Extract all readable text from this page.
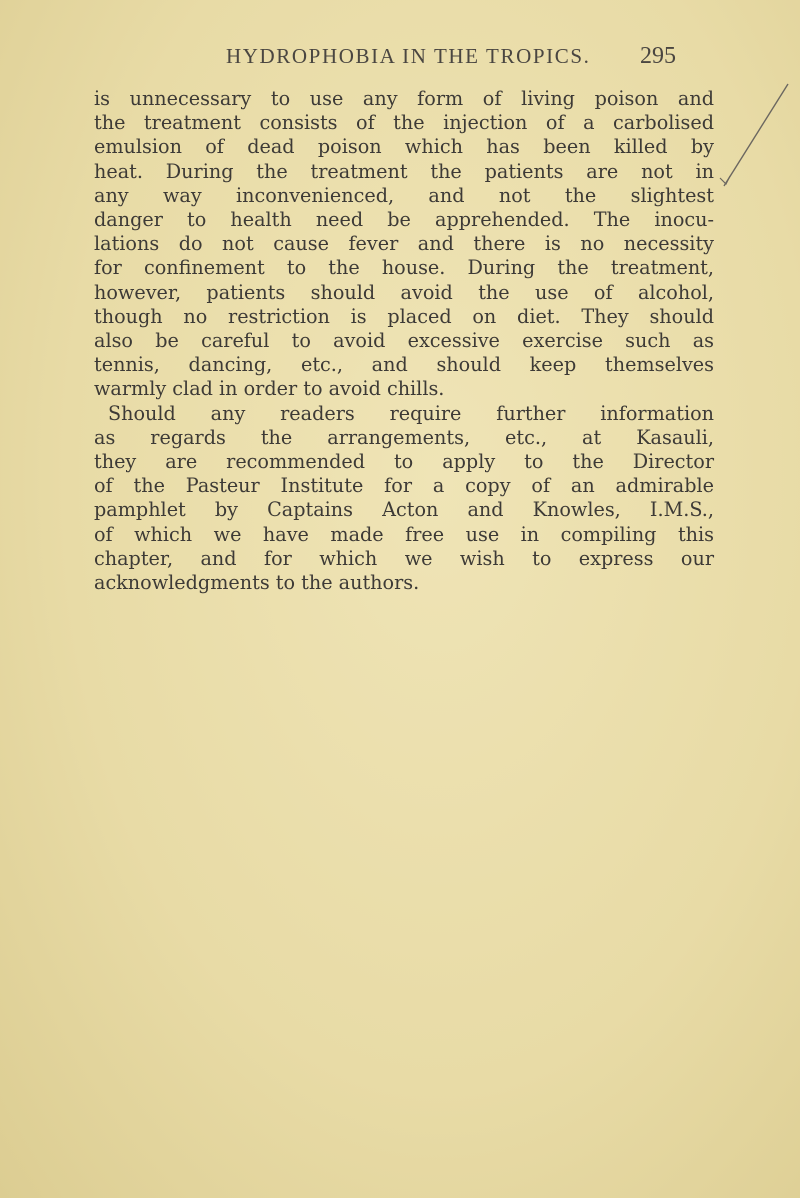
HYDROPHOBIA IN THE TROPICS. 295
is unnecessary to use any form of living poison and
the treatment consists of the injection of a carbolised
emulsion of dead poison which has been killed by
heat. During the treatment the patients are not in
any way inconvenienced, and not the slightest
danger to health need be apprehended. The inocu-
lations do not cause fever and there is no necessity
for confinement to the house. During the treatment,
however, patients should avoid the use of alcohol,
though no restriction is placed on diet. They should
also be careful to avoid excessive exercise such as
tennis, dancing, etc., and should keep themselves
warmly clad in order to avoid chills.
Should any readers require further information
as regards the arrangements, etc., at Kasauli,
they are recommended to apply to the Director
of the Pasteur Institute for a copy of an admirable
pamphlet by Captains Acton and Knowles, I.M.S.,
of which we have made free use in compiling this
chapter, and for which we wish to express our
acknowledgments to the authors.
